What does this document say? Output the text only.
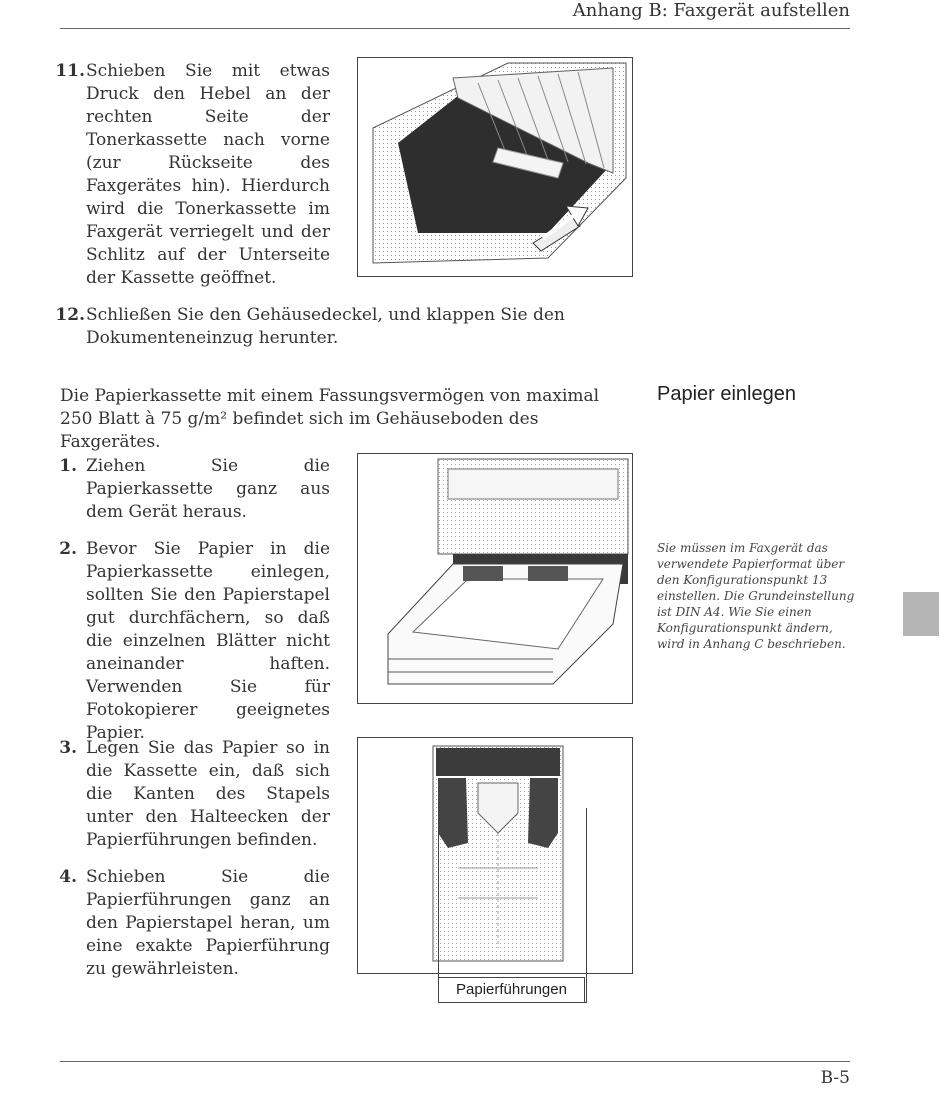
Anhang B: Faxgerät aufstellen
11. Schieben Sie mit etwas Druck den Hebel an der rechten Seite der Tonerkassette nach vorne (zur Rückseite des Faxgerätes hin). Hierdurch wird die Tonerkassette im Faxgerät verriegelt und der Schlitz auf der Unterseite der Kassette geöffnet.
12. Schließen Sie den Gehäusedeckel, und klappen Sie den Dokumenteneinzug herunter.
Die Papierkassette mit einem Fassungsvermögen von maximal 250 Blatt à 75 g/m² befindet sich im Gehäuseboden des Faxgerätes.
Papier einlegen
Sie müssen im Faxgerät das verwendete Papierformat über den Konfigurationspunkt 13 einstellen. Die Grundeinstellung ist DIN A4. Wie Sie einen Konfigurationspunkt ändern, wird in Anhang C beschrieben.
1. Ziehen Sie die Papierkassette ganz aus dem Gerät heraus.
2. Bevor Sie Papier in die Papierkassette einlegen, sollten Sie den Papierstapel gut durchfächern, so daß die einzelnen Blätter nicht aneinander haften. Verwenden Sie für Fotokopierer geeignetes Papier.
3. Legen Sie das Papier so in die Kassette ein, daß sich die Kanten des Stapels unter den Halteecken der Papierführungen befinden.
4. Schieben Sie die Papierführungen ganz an den Papierstapel heran, um eine exakte Papierführung zu gewährleisten.
Papierführungen
B-5
